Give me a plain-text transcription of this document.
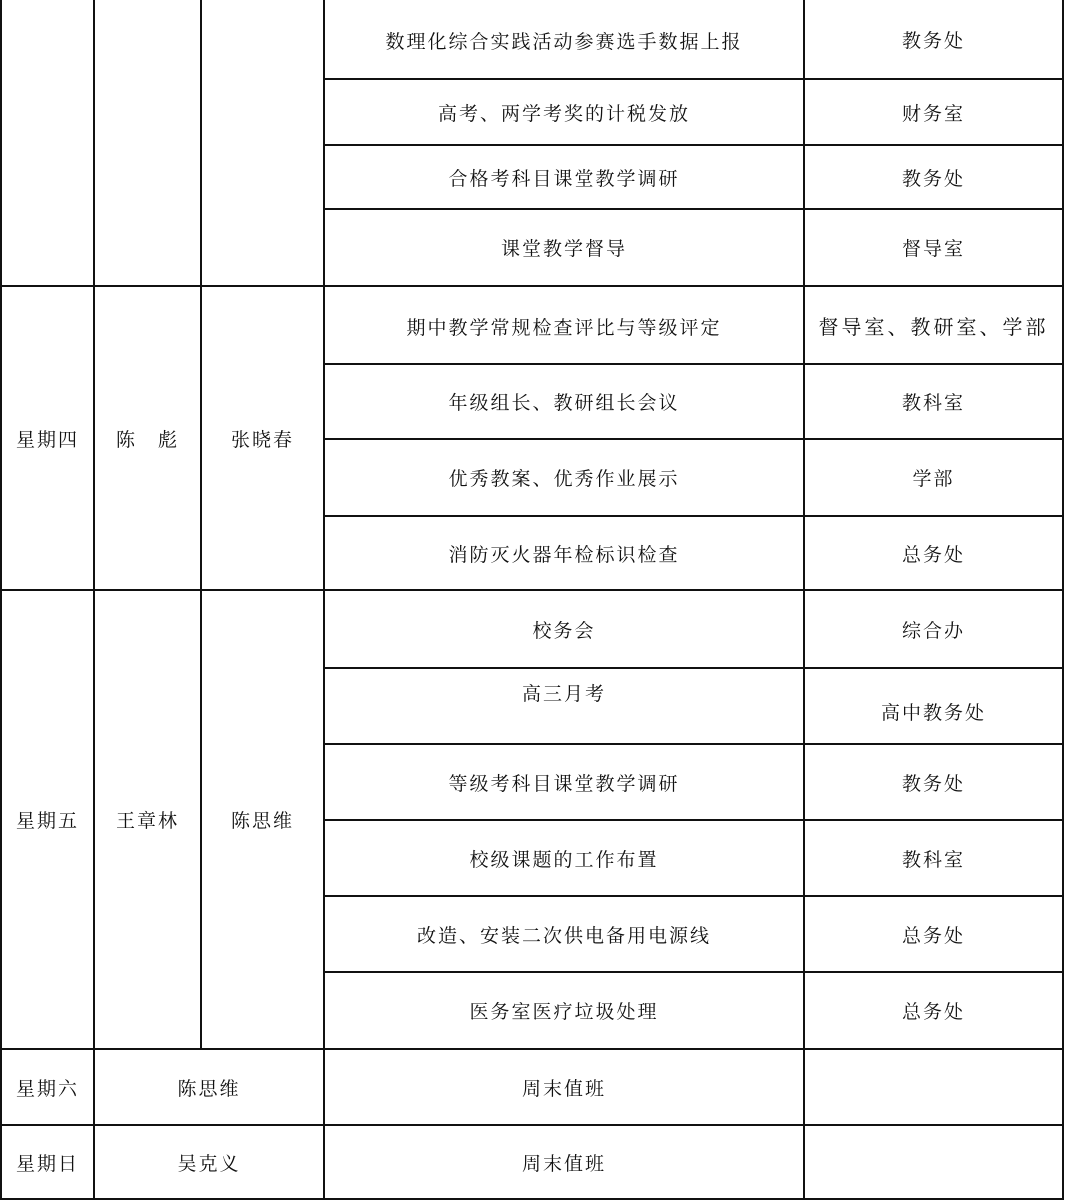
			数理化综合实践活动参赛选手数据上报	教务处
			高考、两学考奖的计税发放	财务室
			合格考科目课堂教学调研	教务处
			课堂教学督导	督导室
星期四	陈　彪	张晓春	期中教学常规检查评比与等级评定	督导室、教研室、学部
			年级组长、教研组长会议	教科室
			优秀教案、优秀作业展示	学部
			消防灭火器年检标识检查	总务处
星期五	王章林	陈思维	校务会	综合办
			高三月考	高中教务处
			等级考科目课堂教学调研	教务处
			校级课题的工作布置	教科室
			改造、安装二次供电备用电源线	总务处
			医务室医疗垃圾处理	总务处
星期六	陈思维		周末值班	
星期日	吴克义		周末值班	
